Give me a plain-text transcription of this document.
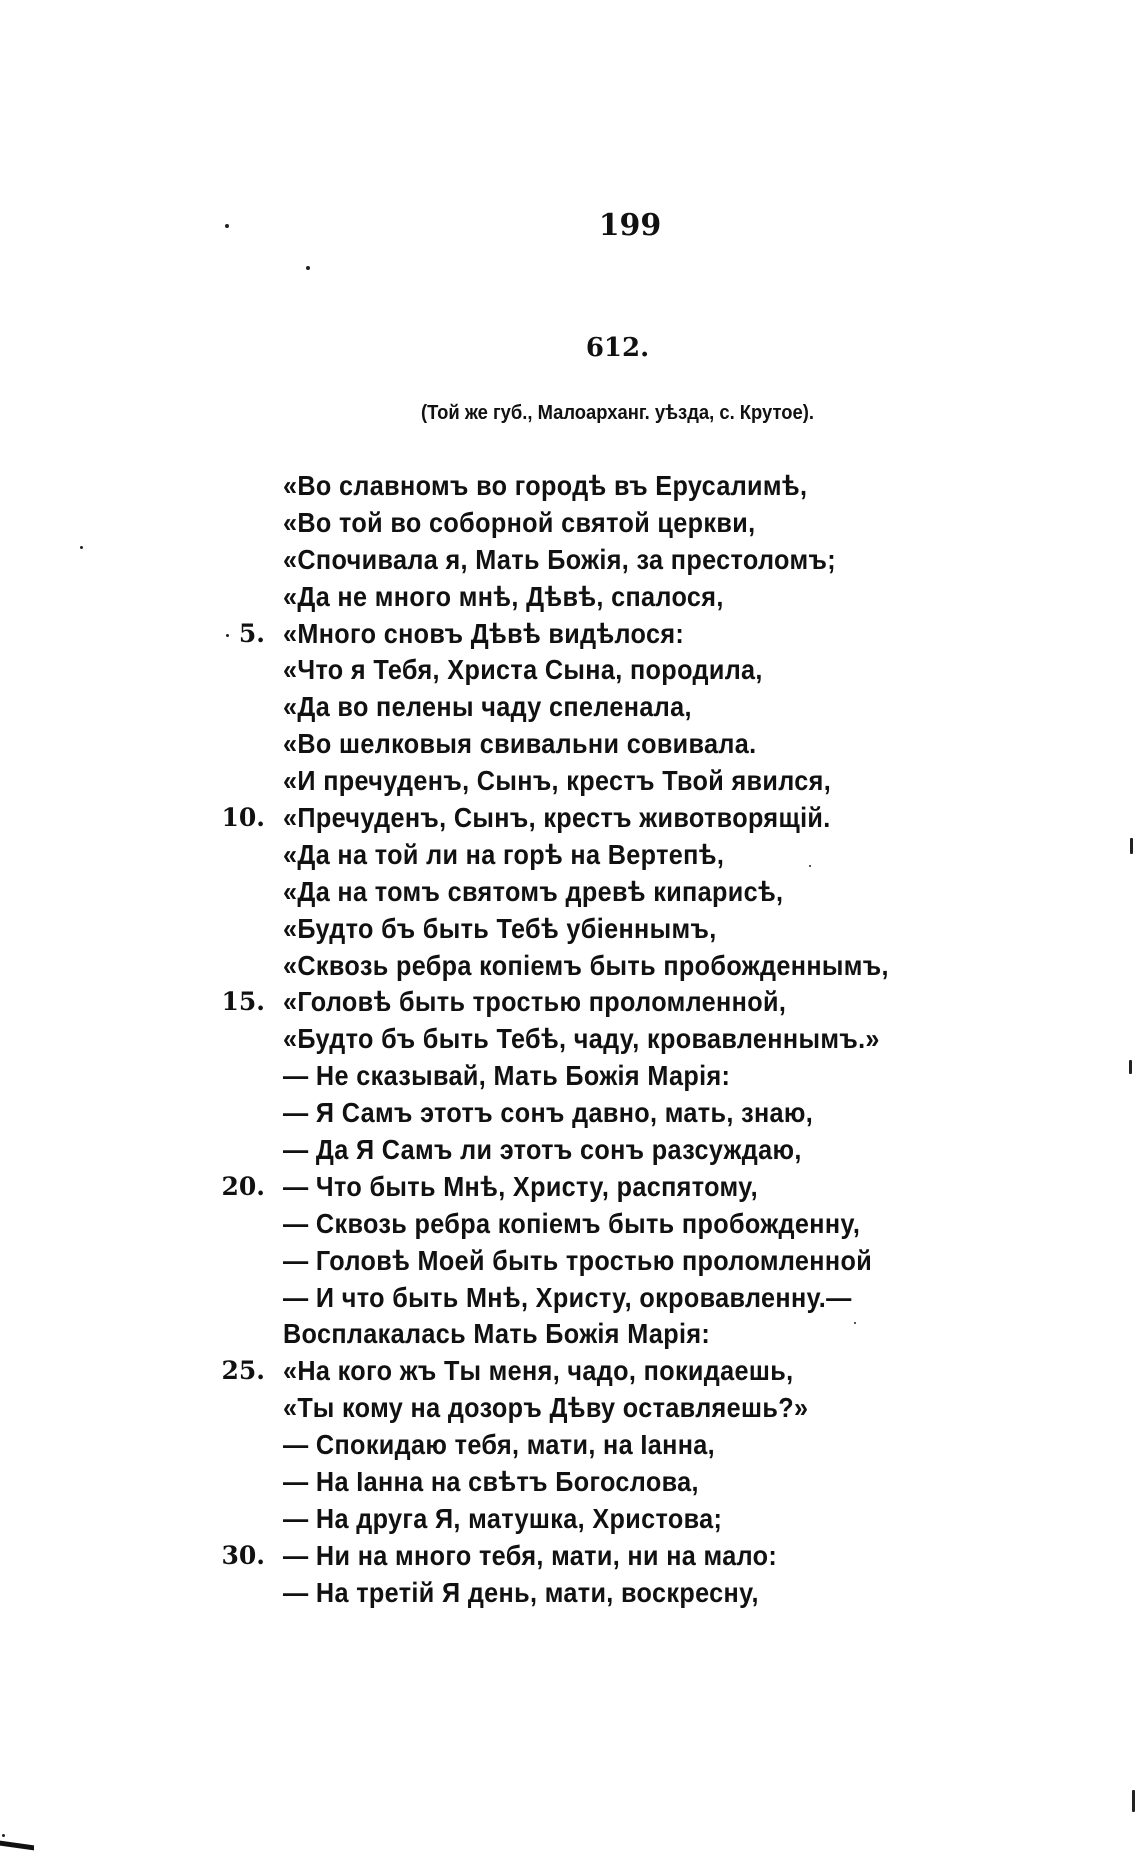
199
612.
(Той же губ., Малоарханг. уѣзда, с. Крутое).
«Во славномъ во городѣ въ Ерусалимѣ,
«Во той во соборной святой церкви,
«Спочивала я, Мать Божія, за престоломъ;
«Да не много мнѣ, Дѣвѣ, спалося,
5. «Много сновъ Дѣвѣ видѣлося:
«Что я Тебя, Христа Сына, породила,
«Да во пелены чаду спеленала,
«Во шелковыя свивальни совивала.
«И пречуденъ, Сынъ, крестъ Твой явился,
10. «Пречуденъ, Сынъ, крестъ животворящій.
«Да на той ли на горѣ на Вертепѣ,
«Да на томъ святомъ древѣ кипарисѣ,
«Будто бъ быть Тебѣ убіеннымъ,
«Сквозь ребра копіемъ быть пробожденнымъ,
15. «Головѣ быть тростью проломленной,
«Будто бъ быть Тебѣ, чаду, кровавленнымъ.»
— Не сказывай, Мать Божія Марія:
— Я Самъ этотъ сонъ давно, мать, знаю,
— Да Я Самъ ли этотъ сонъ разсуждаю,
20. — Что быть Мнѣ, Христу, распятому,
— Сквозь ребра копіемъ быть пробожденну,
— Головѣ Моей быть тростью проломленной
— И что быть Мнѣ, Христу, окровавленну.—
Восплакалась Мать Божія Марія:
25. «На кого жъ Ты меня, чадо, покидаешь,
«Ты кому на дозоръ Дѣву оставляешь?»
— Спокидаю тебя, мати, на Іанна,
— На Іанна на свѣтъ Богослова,
— На друга Я, матушка, Христова;
30. — Ни на много тебя, мати, ни на мало:
— На третій Я день, мати, воскресну,
